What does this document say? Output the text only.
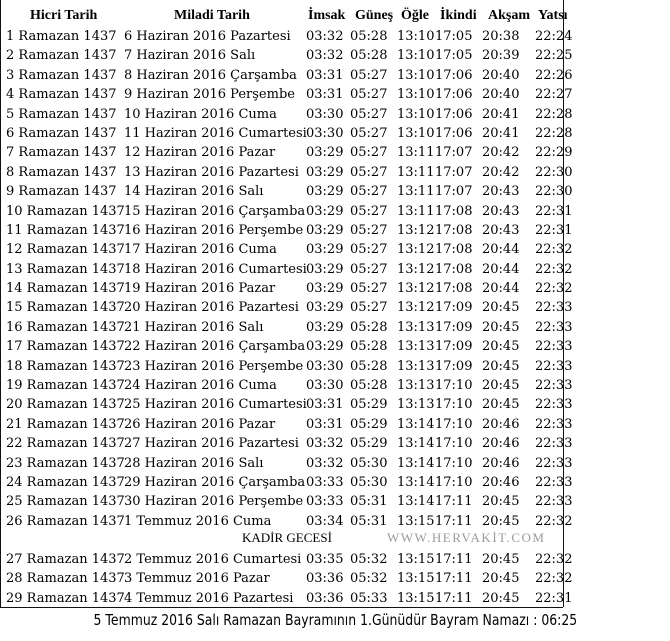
Hicri Tarih	Miladi Tarih	İmsak Güneş Öğle İkindi Akşam Yatsı
1 Ramazan 1437 6 Haziran 2016 Pazartesi 03:32 05:28 13:10 17:05 20:38 22:24
2 Ramazan 1437 7 Haziran 2016 Salı	03:32 05:28 13:10 17:05 20:39 22:25
3 Ramazan 1437 8 Haziran 2016 Çarşamba 03:31 05:27 13:10 17:06 20:40 22:26
4 Ramazan 1437 9 Haziran 2016 Perşembe 03:31 05:27 13:10 17:06 20:40 22:27
5 Ramazan 1437 10 Haziran 2016 Cuma 03:30 05:27 13:10 17:06 20:41 22:28
6 Ramazan 1437 11 Haziran 2016 Cumartesi 03:30 05:27 13:10 17:06 20:41 22:28
7 Ramazan 1437 12 Haziran 2016 Pazar 03:29 05:27 13:11 17:07 20:42 22:29
8 Ramazan 1437 13 Haziran 2016 Pazartesi 03:29 05:27 13:11 17:07 20:42 22:30
9 Ramazan 1437 14 Haziran 2016 Salı	03:29 05:27 13:11 17:07 20:43 22:30
10 Ramazan 1437 15 Haziran 2016 Çarşamba 03:29 05:27 13:11 17:08 20:43 22:31
11 Ramazan 1437 16 Haziran 2016 Perşembe 03:29 05:27 13:12 17:08 20:43 22:31
12 Ramazan 1437 17 Haziran 2016 Cuma 03:29 05:27 13:12 17:08 20:44 22:32
13 Ramazan 1437 18 Haziran 2016 Cumartesi 03:29 05:27 13:12 17:08 20:44 22:32
14 Ramazan 1437 19 Haziran 2016 Pazar 03:29 05:27 13:12 17:08 20:44 22:32
15 Ramazan 1437 20 Haziran 2016 Pazartesi 03:29 05:27 13:12 17:09 20:45 22:33
16 Ramazan 1437 21 Haziran 2016 Salı	03:29 05:28 13:13 17:09 20:45 22:33
17 Ramazan 1437 22 Haziran 2016 Çarşamba 03:29 05:28 13:13 17:09 20:45 22:33
18 Ramazan 1437 23 Haziran 2016 Perşembe 03:30 05:28 13:13 17:09 20:45 22:33
19 Ramazan 1437 24 Haziran 2016 Cuma 03:30 05:28 13:13 17:10 20:45 22:33
20 Ramazan 1437 25 Haziran 2016 Cumartesi 03:31 05:29 13:13 17:10 20:45 22:33
21 Ramazan 1437 26 Haziran 2016 Pazar 03:31 05:29 13:14 17:10 20:46 22:33
22 Ramazan 1437 27 Haziran 2016 Pazartesi 03:32 05:29 13:14 17:10 20:46 22:33
23 Ramazan 1437 28 Haziran 2016 Salı	03:32 05:30 13:14 17:10 20:46 22:33
24 Ramazan 1437 29 Haziran 2016 Çarşamba 03:33 05:30 13:14 17:10 20:46 22:33
25 Ramazan 1437 30 Haziran 2016 Perşembe 03:33 05:31 13:14 17:11 20:45 22:33
26 Ramazan 1437 1 Temmuz 2016 Cuma	03:34 05:31 13:15 17:11 20:45 22:32
KADİR GECESİ	WWW.HERVAKİT.COM
27 Ramazan 1437 2 Temmuz 2016 Cumartesi 03:35 05:32 13:15 17:11 20:45 22:32
28 Ramazan 1437 3 Temmuz 2016 Pazar	03:36 05:32 13:15 17:11 20:45 22:32
29 Ramazan 1437 4 Temmuz 2016 Pazartesi 03:36 05:33 13:15 17:11 20:45 22:31
5 Temmuz 2016 Salı Ramazan Bayramının 1.Günüdür Bayram Namazı : 06:25
